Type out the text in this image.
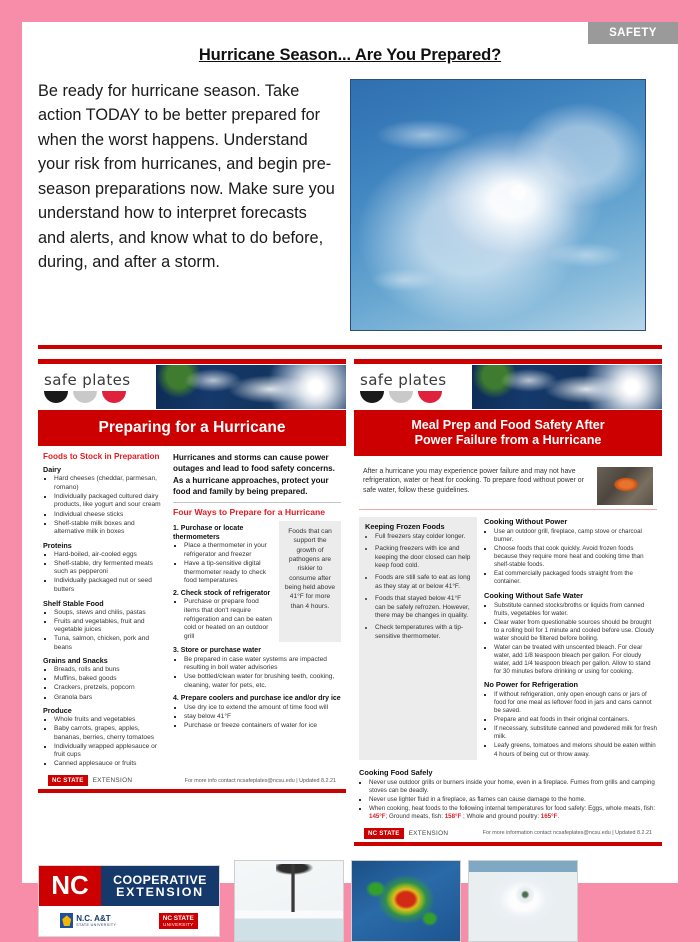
SAFETY
Hurricane Season... Are You Prepared?
Be ready for hurricane season. Take action TODAY to be better prepared for when the worst happens. Understand your risk from hurricanes, and begin pre-season preparations now. Make sure you understand how to interpret forecasts and alerts, and know what to do before, during, and after a storm.
safe plates
Preparing for a Hurricane
Foods to Stock in Preparation
Dairy
▪ Hard cheeses (cheddar, parmesan, romano)
▪ Individually packaged cultured dairy products, like yogurt and sour cream
▪ Individual cheese sticks
▪ Shelf-stable milk boxes and alternative milk in boxes
Proteins
▪ Hard-boiled, air-cooled eggs
▪ Shelf-stable, dry fermented meats such as pepperoni
▪ Individually packaged nut or seed butters
Shelf Stable Food
▪ Soups, stews and chilis, pastas
▪ Fruits and vegetables, fruit and vegetable juices
▪ Tuna, salmon, chicken, pork and beans
Grains and Snacks
▪ Breads, rolls and buns
▪ Muffins, baked goods
▪ Crackers, pretzels, popcorn
▪ Granola bars
Produce
▪ Whole fruits and vegetables
▪ Baby carrots, grapes, apples, bananas, berries, cherry tomatoes
▪ Individually wrapped applesauce or fruit cups
▪ Canned applesauce or fruits
Hurricanes and storms can cause power outages and lead to food safety concerns. As a hurricane approaches, protect your food and family by being prepared.
Four Ways to Prepare for a Hurricane
1. Purchase or locate thermometers
▪ Place a thermometer in your refrigerator and freezer
▪ Have a tip-sensitive digital thermometer ready to check food temperatures
2. Check stock of refrigerator
▪ Purchase or prepare food items that don't require refrigeration and can be eaten cold or heated on an outdoor grill
Foods that can support the growth of pathogens are riskier to consume after being held above 41°F for more than 4 hours.
3. Store or purchase water
▪ Be prepared in case water systems are impacted resulting in boil water advisories
▪ Use bottled/clean water for brushing teeth, cooking, cleaning, water for pets, etc.
4. Prepare coolers and purchase ice and/or dry ice
▪ Use dry ice to extend the amount of time food will
▪ stay below 41°F
▪ Purchase or freeze containers of water for ice
NC STATE	EXTENSION	For more info contact ncsafeplates@ncsu.edu | Updated 8.2.21
safe plates
Meal Prep and Food Safety After
Power Failure from a Hurricane

After a hurricane you may experience power failure and may not have refrigeration, water or heat for cooking. To prepare food without power or safe water, follow these guidelines.

Keeping Frozen Foods
• Full freezers stay colder longer.
• Packing freezers with ice and keeping the door closed can help keep food cold.
• Foods are still safe to eat as long as they stay at or below 41°F.
• Foods that stayed below 41°F can be safely refrozen. However, there may be changes in quality.
• Check temperatures with a tip-sensitive thermometer.
Cooking Without Power
▪ Use an outdoor grill, fireplace, camp stove or charcoal burner.
▪ Choose foods that cook quickly. Avoid frozen foods because they require more heat and cooking time than shelf-stable foods.
▪ Eat commercially packaged foods straight from the container.
Cooking Without Safe Water
▪ Substitute canned stocks/broths or liquids from canned fruits, vegetables for water.
▪ Clear water from questionable sources should be brought to a rolling boil for 1 minute and cooled before use. Cloudy water should be filtered before boiling.
▪ Water can be treated with unscented bleach. For clear water, add 1/8 teaspoon bleach per gallon. For cloudy water, add 1/4 teaspoon bleach per gallon. Allow to stand for 30 minutes before drinking or using for cooking.
No Power for Refrigeration
▪ If without refrigeration, only open enough cans or jars of food for one meal as leftover food in jars and cans cannot be saved.
▪ Prepare and eat foods in their original containers.
▪ If necessary, substitute canned and powdered milk for fresh milk.
▪ Leafy greens, tomatoes and melons should be eaten within 4 hours of being cut or throw away.
Cooking Food Safely
▪ Never use outdoor grills or burners inside your home, even in a fireplace. Fumes from grills and camping stoves can be deadly.
▪ Never use lighter fluid in a fireplace, as flames can cause damage to the home.
▪ When cooking, heat foods to the following internal temperatures for food safety: Eggs, whole meats, fish: 145°F; Ground meats, fish: 158°F ; Whole and ground poultry: 165°F.
NC STATE	EXTENSION	For more information contact ncsafeplates@ncsu.edu | Updated 8.2.21
NC	COOPERATIVE
EXTENSION
N.C. A&T
STATE UNIVERSITY
NC STATE
UNIVERSITY
